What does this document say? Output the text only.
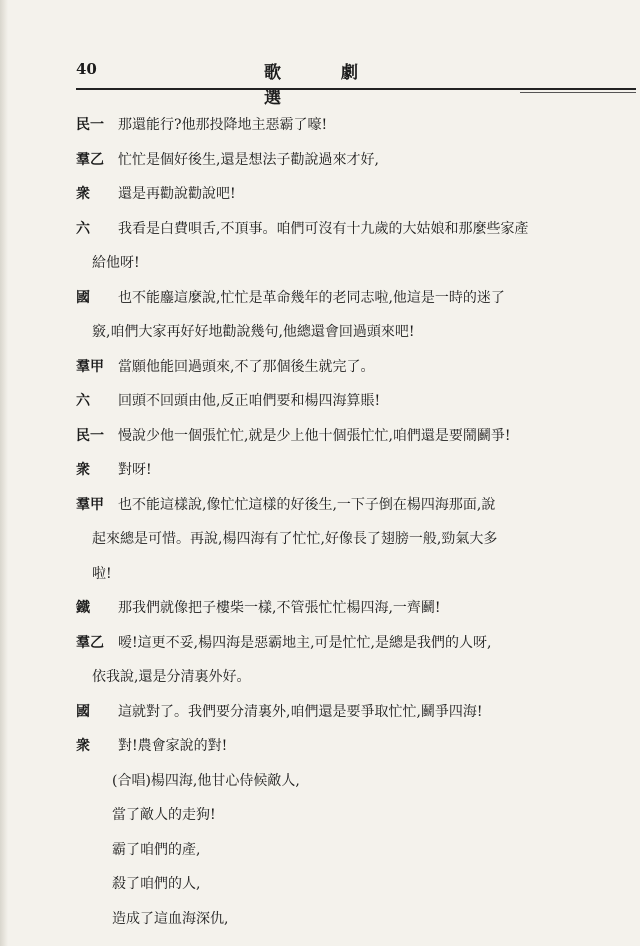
40	歌劇選
民一 那還能行?他那投降地主惡霸了嚎!
羣乙 忙忙是個好後生,還是想法子勸說過來才好,
衆 還是再勸說勸說吧!
六 我看是白費唄舌,不頂事。咱們可沒有十九歲的大姑娘和那麼些家產
給他呀!
國 也不能鏖這麼說,忙忙是革命幾年的老同志啦,他這是一時的迷了
竅,咱們大家再好好地勸說幾句,他總還會回過頭來吧!
羣甲 當願他能回過頭來,不了那個後生就完了。
六 回頭不回頭由他,反正咱們要和楊四海算賬!
民一 慢說少他一個張忙忙,就是少上他十個張忙忙,咱們還是要鬧鬬爭!
衆 對呀!
羣甲 也不能這樣說,像忙忙這樣的好後生,一下子倒在楊四海那面,說
起來總是可惜。再說,楊四海有了忙忙,好像長了翅膀一般,勁氣大多
啦!
鐵 那我們就像把子樓柴一樣,不管張忙忙楊四海,一齊鬬!
羣乙 嗳!這更不妥,楊四海是惡霸地主,可是忙忙,是總是我們的人呀,
依我說,還是分清裏外好。
國 這就對了。我們要分清裏外,咱們還是要爭取忙忙,鬬爭四海!
衆 對!農會家說的對!
(合唱)楊四海,他甘心侍候敵人,
當了敵人的走狗!
霸了咱們的產,
殺了咱們的人,
造成了這血海深仇,
